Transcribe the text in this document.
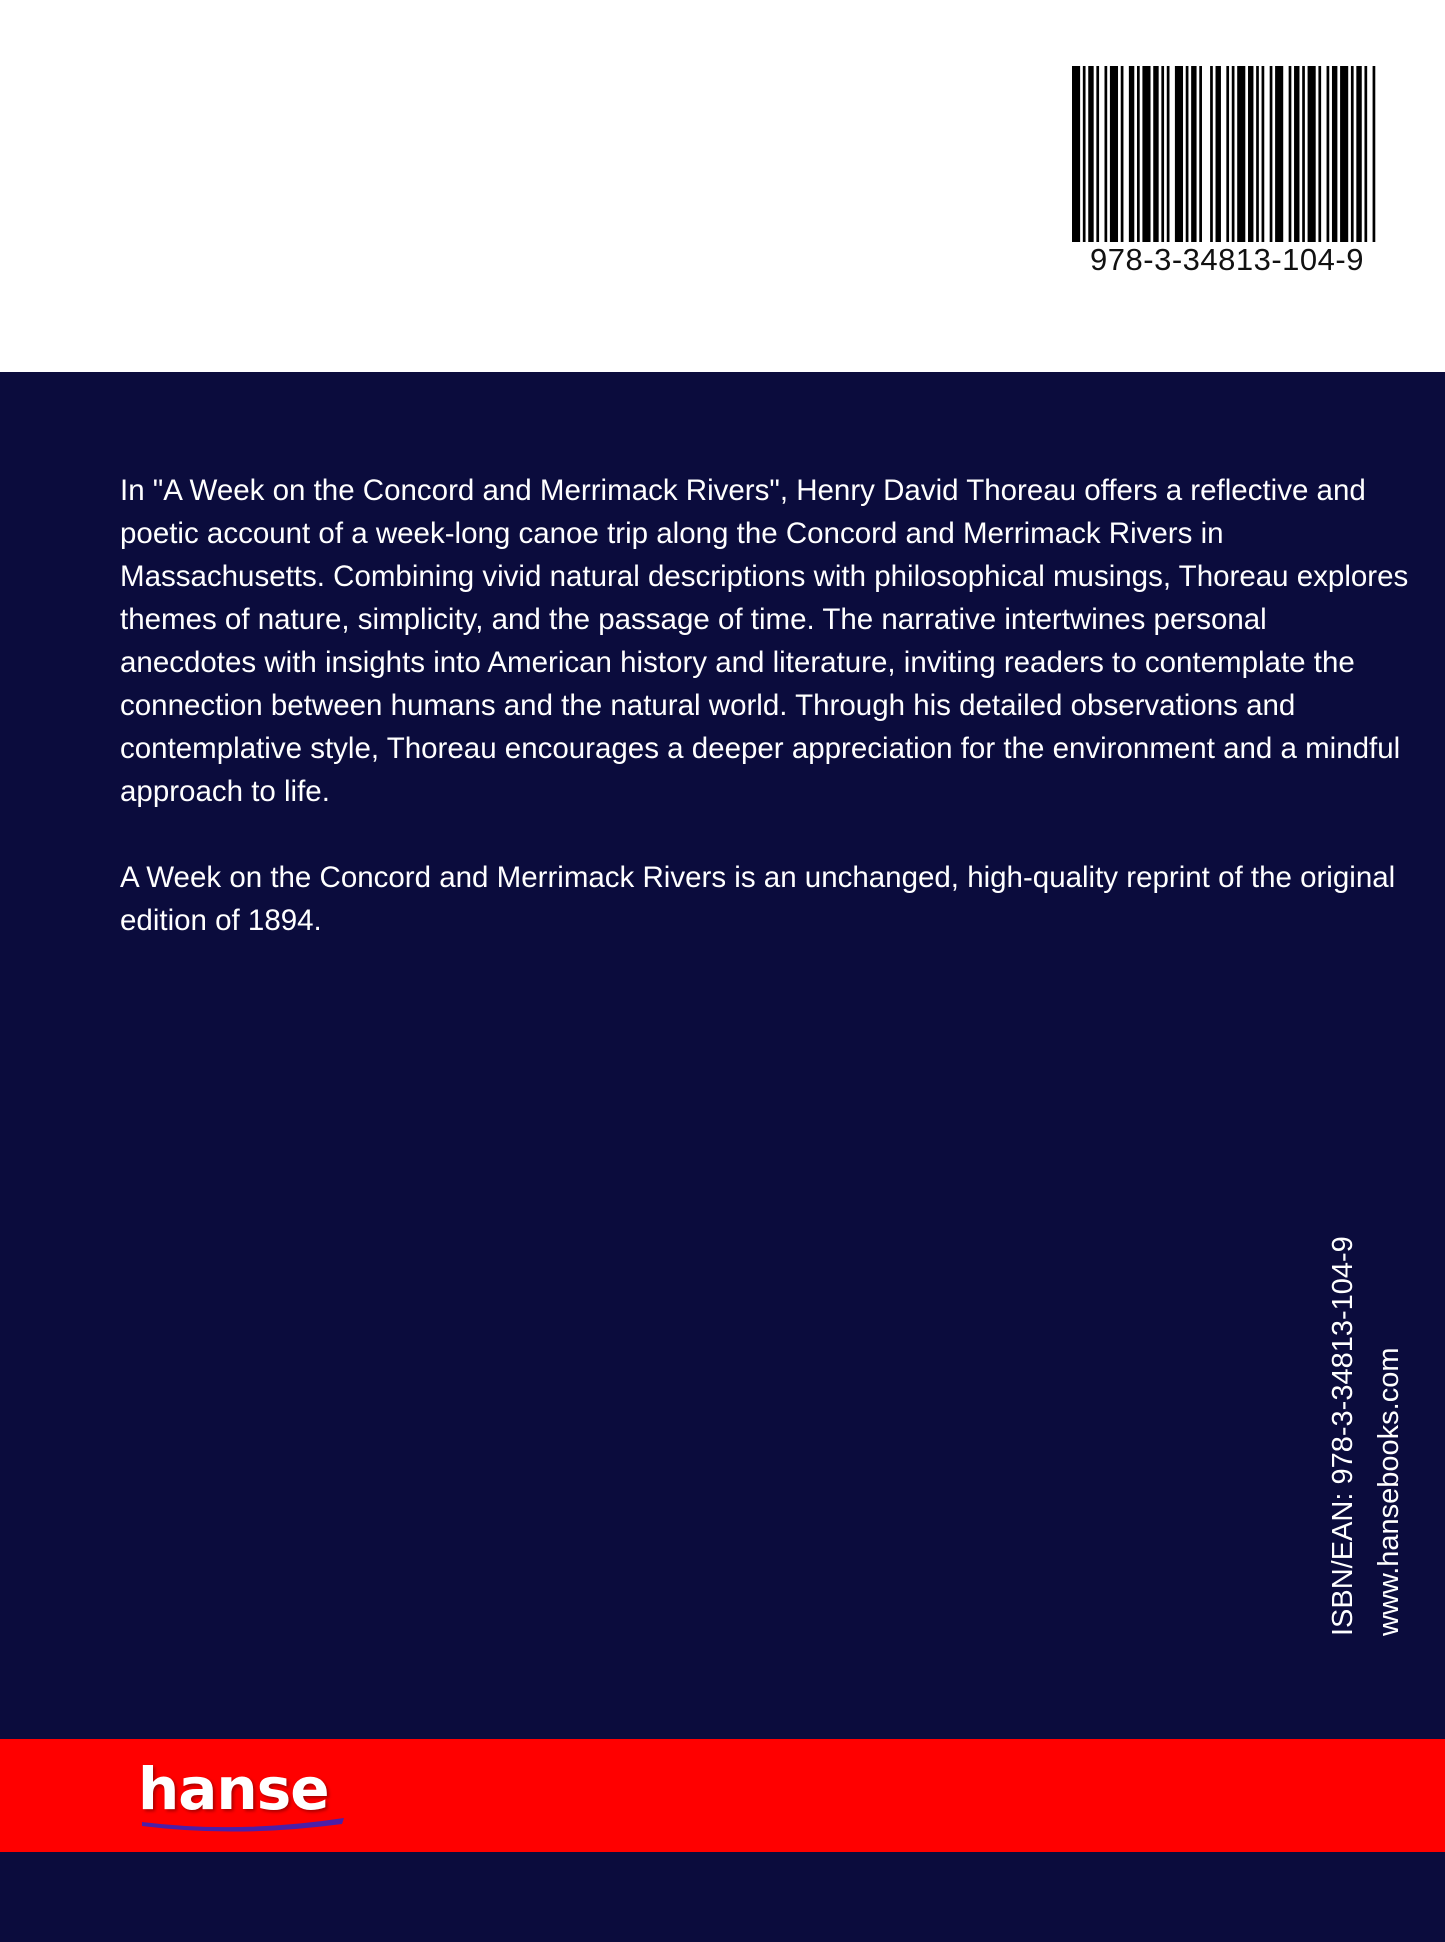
978-3-34813-104-9

In "A Week on the Concord and Merrimack Rivers", Henry David Thoreau offers a reflective and poetic account of a week-long canoe trip along the Concord and Merrimack Rivers in Massachusetts. Combining vivid natural descriptions with philosophical musings, Thoreau explores themes of nature, simplicity, and the passage of time. The narrative intertwines personal anecdotes with insights into American history and literature, inviting readers to contemplate the connection between humans and the natural world. Through his detailed observations and contemplative style, Thoreau encourages a deeper appreciation for the environment and a mindful approach to life.

A Week on the Concord and Merrimack Rivers is an unchanged, high-quality reprint of the original edition of 1894.

ISBN/EAN: 978-3-34813-104-9 www.hansebooks.com
hanse
